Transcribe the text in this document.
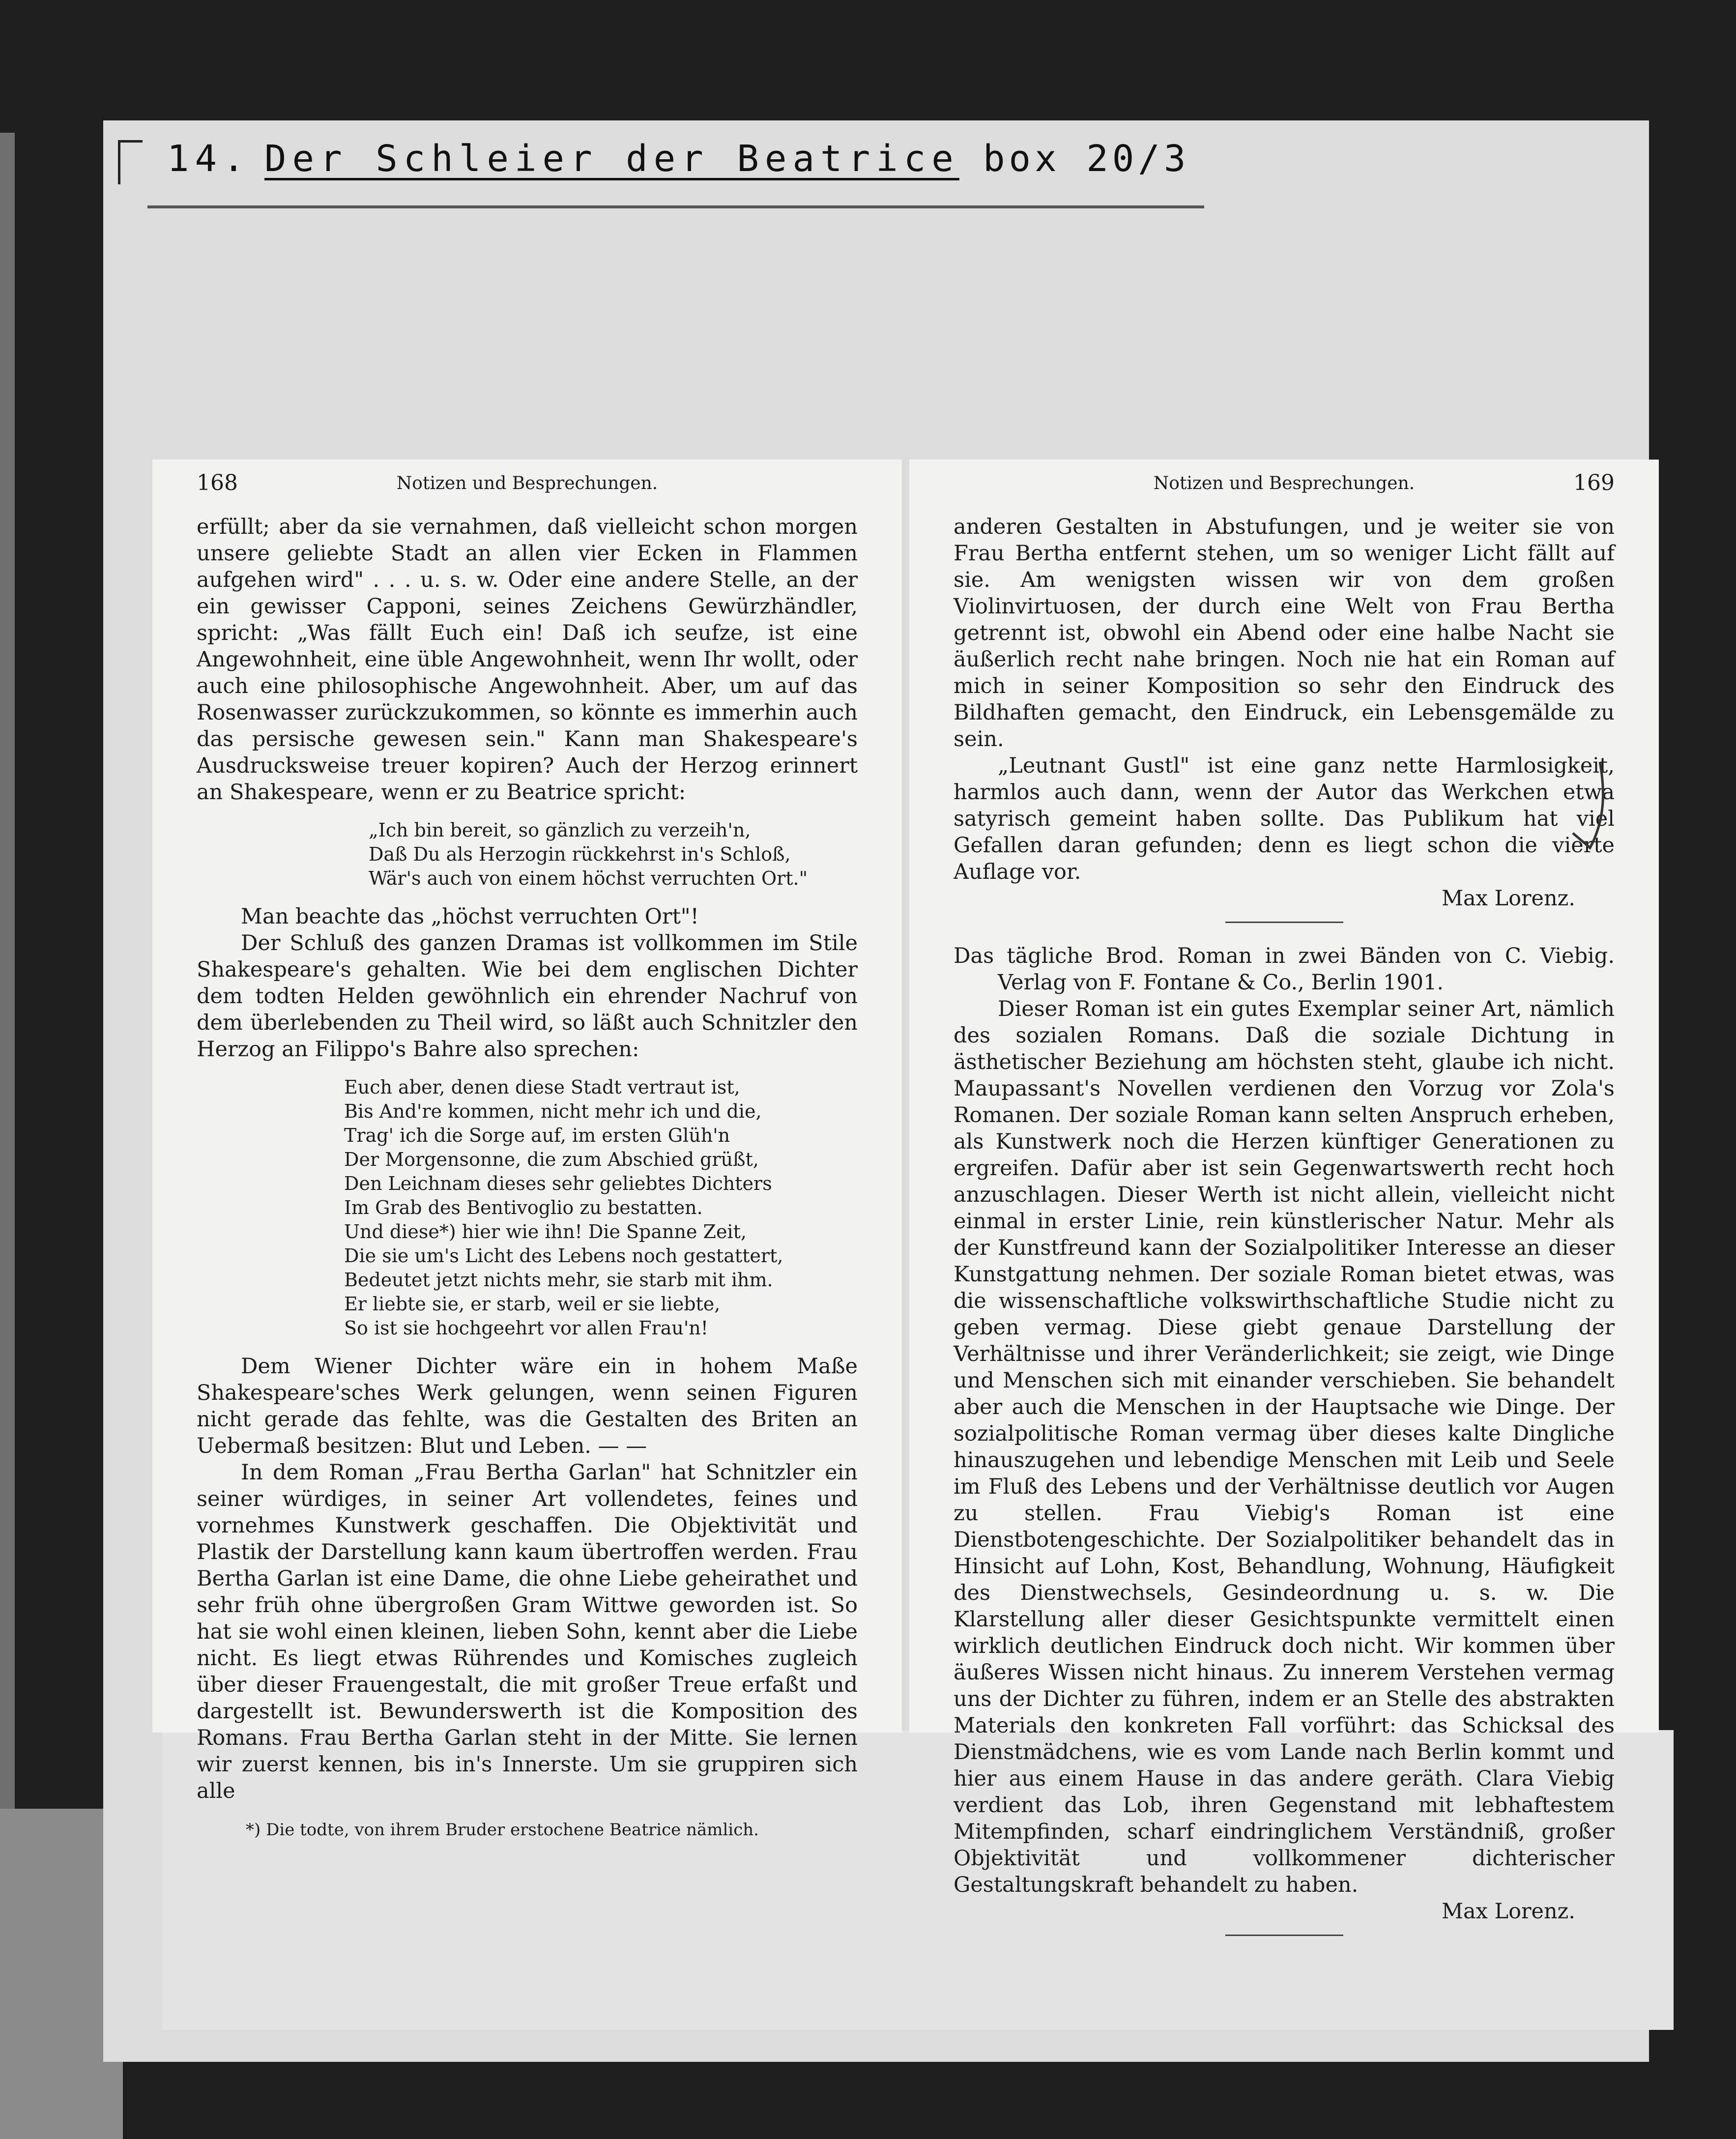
14. Der Schleier der Beatrice box 20/3
168	Notizen und Besprechungen.

erfüllt; aber da sie vernahmen, daß vielleicht schon morgen unsere geliebte Stadt an allen vier Ecken in Flammen aufgehen wird" . . . u. s. w. Oder eine andere Stelle, an der ein gewisser Capponi, seines Zeichens Gewürzhändler, spricht: „Was fällt Euch ein! Daß ich seufze, ist eine Angewohnheit, eine üble Angewohnheit, wenn Ihr wollt, oder auch eine philosophische Angewohnheit. Aber, um auf das Rosenwasser zurückzukommen, so könnte es immerhin auch das persische gewesen sein." Kann man Shakespeare's Ausdrucksweise treuer kopiren? Auch der Herzog erinnert an Shakespeare, wenn er zu Beatrice spricht:

„Ich bin bereit, so gänzlich zu verzeih'n,
Daß Du als Herzogin rückkehrst in's Schloß,
Wär's auch von einem höchst verruchten Ort."

Man beachte das „höchst verruchten Ort"!

Der Schluß des ganzen Dramas ist vollkommen im Stile Shakespeare's gehalten. Wie bei dem englischen Dichter dem todten Helden gewöhnlich ein ehrender Nachruf von dem überlebenden zu Theil wird, so läßt auch Schnitzler den Herzog an Filippo's Bahre also sprechen:

Euch aber, denen diese Stadt vertraut ist,
Bis And're kommen, nicht mehr ich und die,
Trag' ich die Sorge auf, im ersten Glüh'n
Der Morgensonne, die zum Abschied grüßt,
Den Leichnam dieses sehr geliebtes Dichters
Im Grab des Bentivoglio zu bestatten.
Und diese*) hier wie ihn! Die Spanne Zeit,
Die sie um's Licht des Lebens noch gestattert,
Bedeutet jetzt nichts mehr, sie starb mit ihm.
Er liebte sie, er starb, weil er sie liebte,
So ist sie hochgeehrt vor allen Frau'n!

Dem Wiener Dichter wäre ein in hohem Maße Shakespeare'sches Werk gelungen, wenn seinen Figuren nicht gerade das fehlte, was die Gestalten des Briten an Uebermaß besitzen: Blut und Leben. — —

In dem Roman „Frau Bertha Garlan" hat Schnitzler ein seiner würdiges, in seiner Art vollendetes, feines und vornehmes Kunstwerk geschaffen. Die Objektivität und Plastik der Darstellung kann kaum übertroffen werden. Frau Bertha Garlan ist eine Dame, die ohne Liebe geheirathet und sehr früh ohne übergroßen Gram Wittwe geworden ist. So hat sie wohl einen kleinen, lieben Sohn, kennt aber die Liebe nicht. Es liegt etwas Rührendes und Komisches zugleich über dieser Frauengestalt, die mit großer Treue erfaßt und dargestellt ist. Bewunderswerth ist die Komposition des Romans. Frau Bertha Garlan steht in der Mitte. Sie lernen wir zuerst kennen, bis in's Innerste. Um sie gruppiren sich alle

*) Die todte, von ihrem Bruder erstochene Beatrice nämlich.
Notizen und Besprechungen.	169

anderen Gestalten in Abstufungen, und je weiter sie von Frau Bertha entfernt stehen, um so weniger Licht fällt auf sie. Am wenigsten wissen wir von dem großen Violinvirtuosen, der durch eine Welt von Frau Bertha getrennt ist, obwohl ein Abend oder eine halbe Nacht sie äußerlich recht nahe bringen. Noch nie hat ein Roman auf mich in seiner Komposition so sehr den Eindruck des Bildhaften gemacht, den Eindruck, ein Lebensgemälde zu sein.

„Leutnant Gustl" ist eine ganz nette Harmlosigkeit, harmlos auch dann, wenn der Autor das Werkchen etwa satyrisch gemeint haben sollte. Das Publikum hat viel Gefallen daran gefunden; denn es liegt schon die vierte Auflage vor.

Max Lorenz.

Das tägliche Brod. Roman in zwei Bänden von C. Viebig. Verlag von F. Fontane & Co., Berlin 1901.

Dieser Roman ist ein gutes Exemplar seiner Art, nämlich des sozialen Romans. Daß die soziale Dichtung in ästhetischer Beziehung am höchsten steht, glaube ich nicht. Maupassant's Novellen verdienen den Vorzug vor Zola's Romanen. Der soziale Roman kann selten Anspruch erheben, als Kunstwerk noch die Herzen künftiger Generationen zu ergreifen. Dafür aber ist sein Gegenwartswerth recht hoch anzuschlagen. Dieser Werth ist nicht allein, vielleicht nicht einmal in erster Linie, rein künstlerischer Natur. Mehr als der Kunstfreund kann der Sozialpolitiker Interesse an dieser Kunstgattung nehmen. Der soziale Roman bietet etwas, was die wissenschaftliche volkswirthschaftliche Studie nicht zu geben vermag. Diese giebt genaue Darstellung der Verhältnisse und ihrer Veränderlichkeit; sie zeigt, wie Dinge und Menschen sich mit einander verschieben. Sie behandelt aber auch die Menschen in der Hauptsache wie Dinge. Der sozialpolitische Roman vermag über dieses kalte Dingliche hinauszugehen und lebendige Menschen mit Leib und Seele im Fluß des Lebens und der Verhältnisse deutlich vor Augen zu stellen. Frau Viebig's Roman ist eine Dienstbotengeschichte. Der Sozialpolitiker behandelt das in Hinsicht auf Lohn, Kost, Behandlung, Wohnung, Häufigkeit des Dienstwechsels, Gesindeordnung u. s. w. Die Klarstellung aller dieser Gesichtspunkte vermittelt einen wirklich deutlichen Eindruck doch nicht. Wir kommen über äußeres Wissen nicht hinaus. Zu innerem Verstehen vermag uns der Dichter zu führen, indem er an Stelle des abstrakten Materials den konkreten Fall vorführt: das Schicksal des Dienstmädchens, wie es vom Lande nach Berlin kommt und hier aus einem Hause in das andere geräth. Clara Viebig verdient das Lob, ihren Gegenstand mit lebhaftestem Mitempfinden, scharf eindringlichem Verständniß, großer Objektivität und vollkommener dichterischer Gestaltungskraft behandelt zu haben.

Max Lorenz.
